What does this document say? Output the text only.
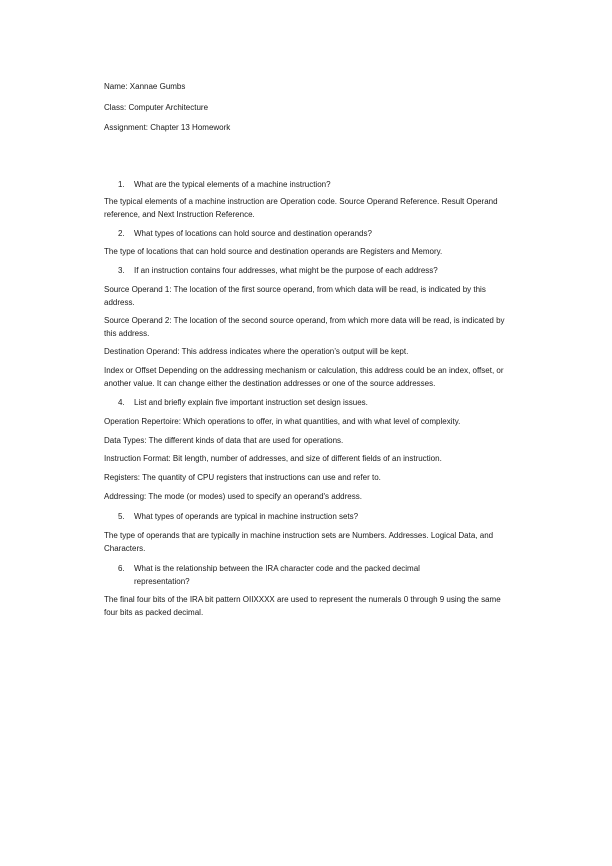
Name: Xannae Gumbs
Class: Computer Architecture
Assignment: Chapter 13 Homework
1. What are the typical elements of a machine instruction?
The typical elements of a machine instruction are Operation code. Source Operand Reference. Result Operand reference, and Next Instruction Reference.
2. What types of locations can hold source and destination operands?
The type of locations that can hold source and destination operands are Registers and Memory.
3. If an instruction contains four addresses, what might be the purpose of each address?
Source Operand 1: The location of the first source operand, from which data will be read, is indicated by this address.
Source Operand 2: The location of the second source operand, from which more data will be read, is indicated by this address.
Destination Operand: This address indicates where the operation’s output will be kept.
Index or Offset Depending on the addressing mechanism or calculation, this address could be an index, offset, or another value. It can change either the destination addresses or one of the source addresses.
4. List and briefly explain five important instruction set design issues.
Operation Repertoire: Which operations to offer, in what quantities, and with what level of complexity.
Data Types: The different kinds of data that are used for operations.
Instruction Format: Bit length, number of addresses, and size of different fields of an instruction.
Registers: The quantity of CPU registers that instructions can use and refer to.
Addressing: The mode (or modes) used to specify an operand's address.
5. What types of operands are typical in machine instruction sets?
The type of operands that are typically in machine instruction sets are Numbers. Addresses. Logical Data, and Characters.
6. What is the relationship between the IRA character code and the packed decimal representation?
The final four bits of the IRA bit pattern OIIXXXX are used to represent the numerals 0 through 9 using the same four bits as packed decimal.
